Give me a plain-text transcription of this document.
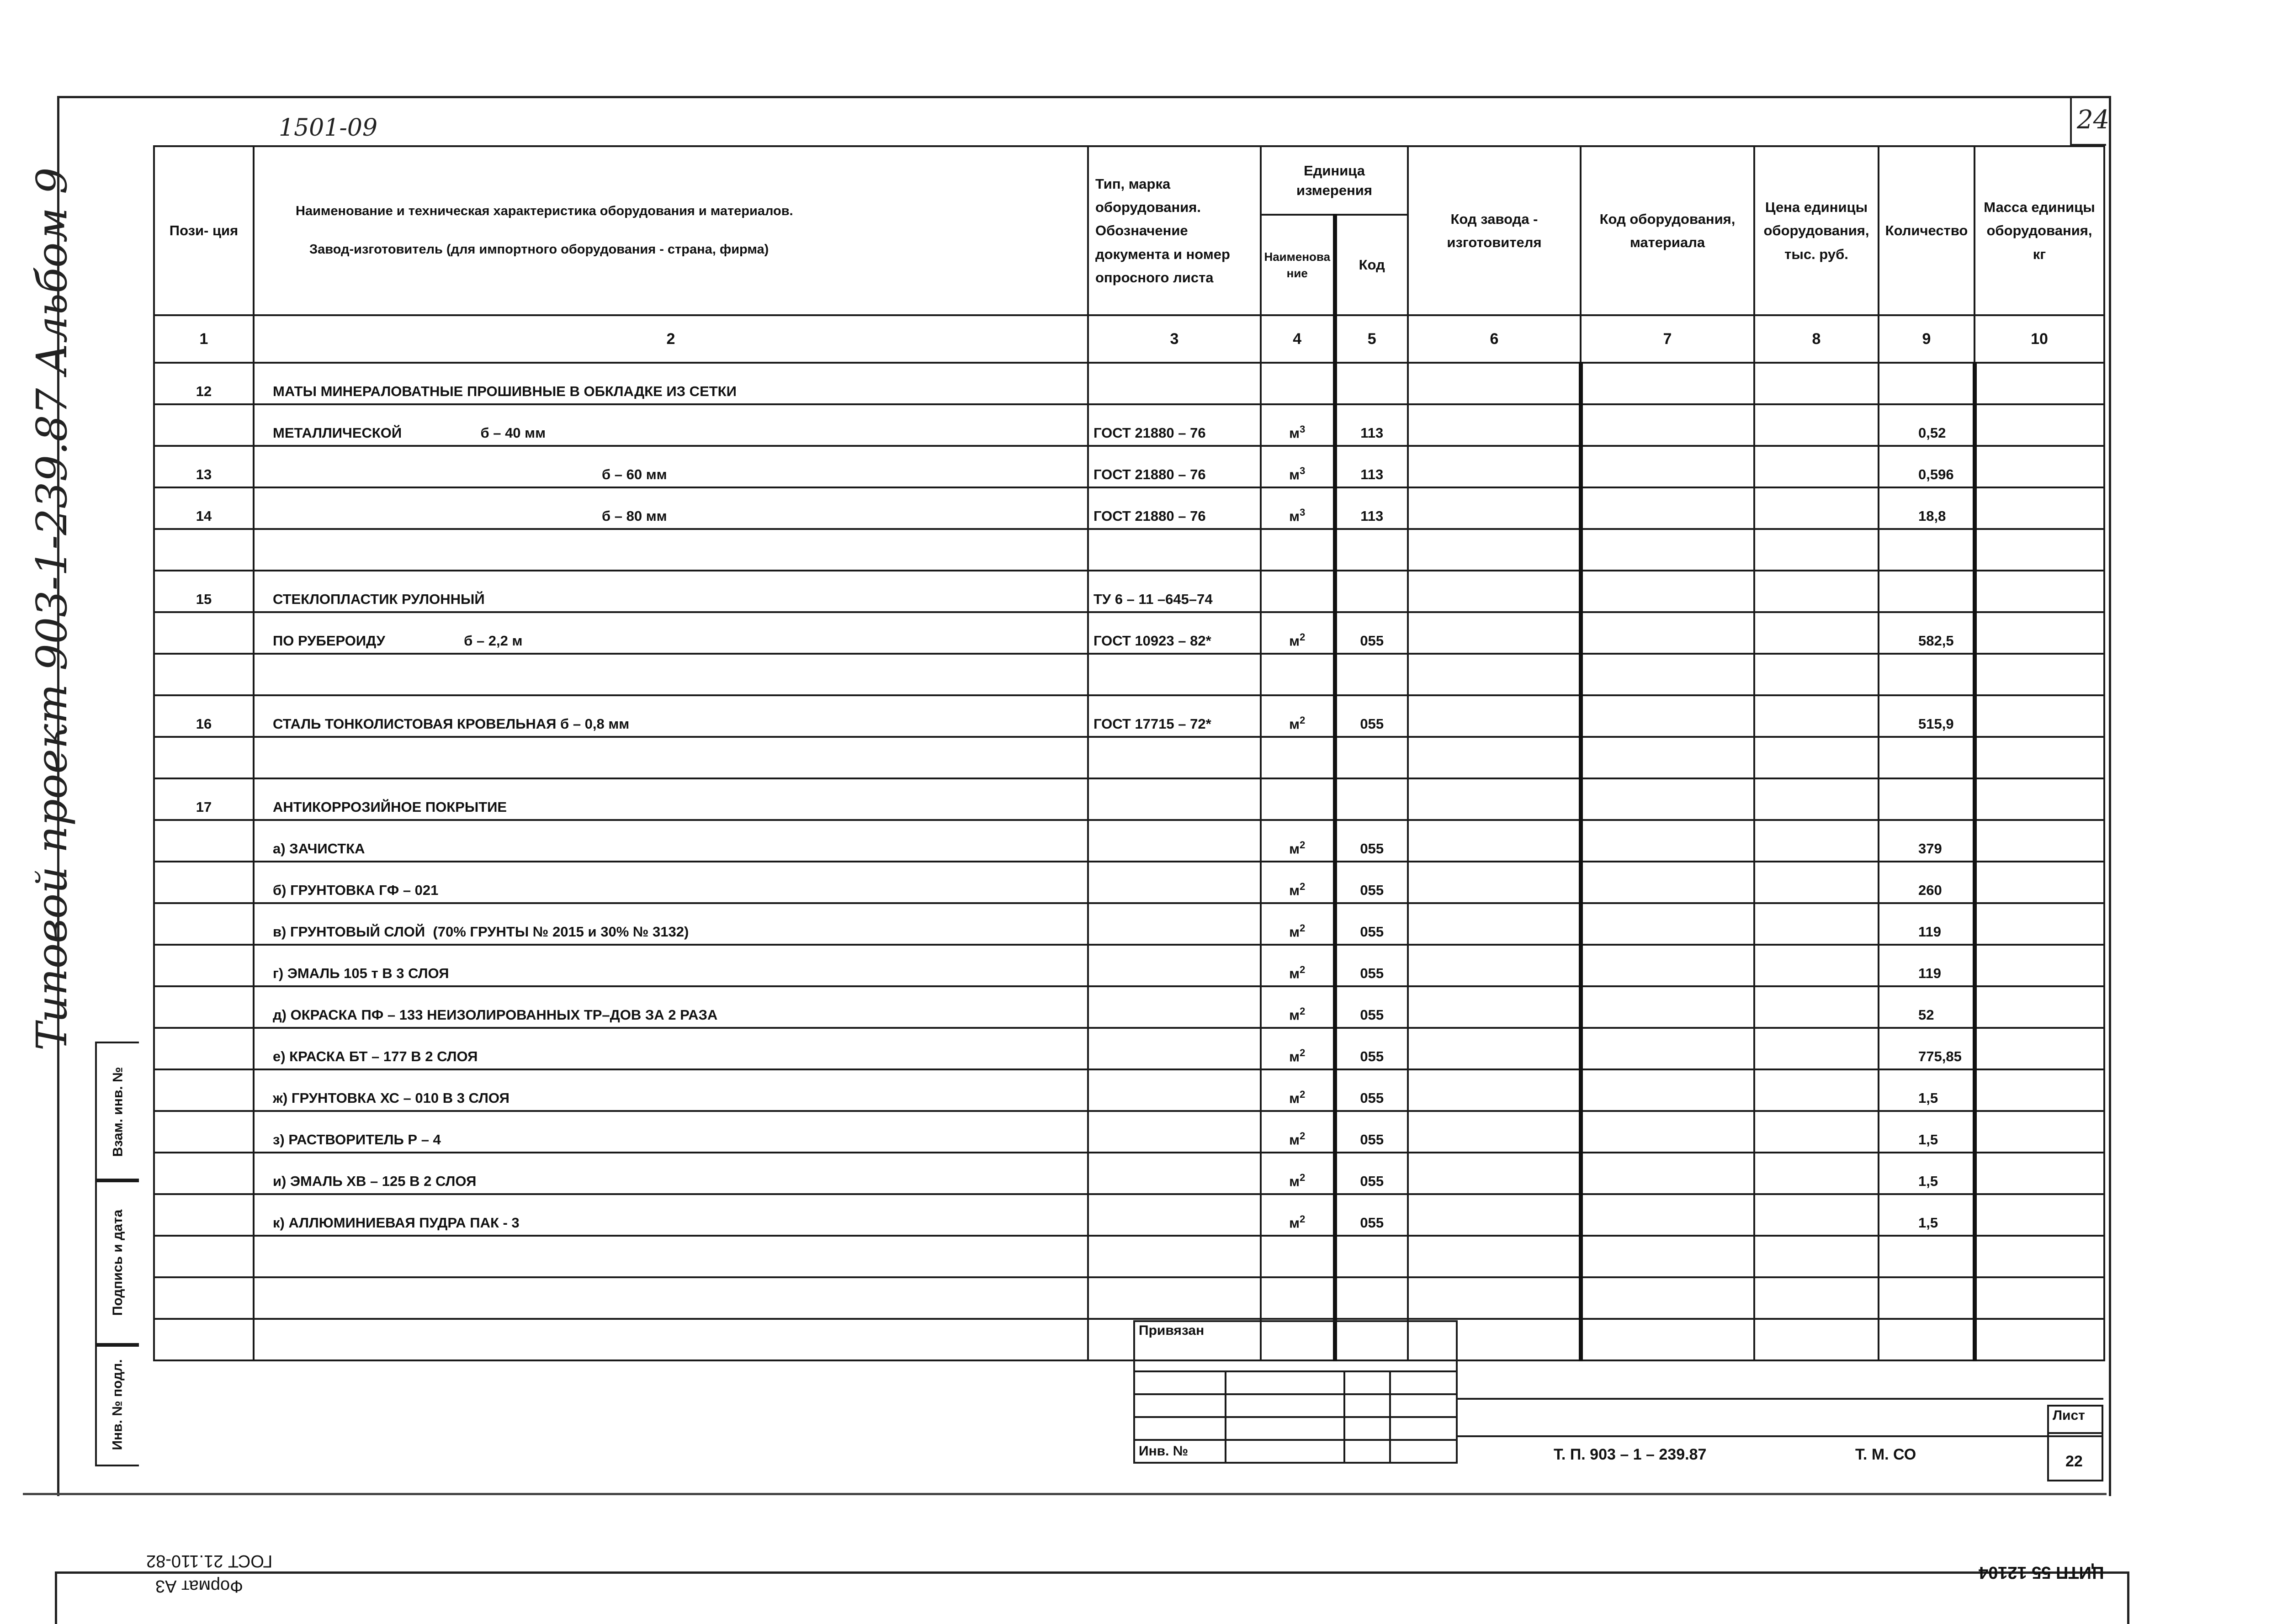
1501-09	24
Типовой проект 903-1-239.87 Альбом 9	Пози- ция	Наименование и техническая характеристика оборудования и материалов.
Завод-изготовитель (для импортного оборудования - страна, фирма)	Тип, марка оборудования. Обозначение документа и номер опросного листа	Единица измерения		Код завода - изготовителя	Код оборудования, материала	Цена единицы оборудования, тыс. руб.	Количество	Масса единицы оборудования, кг
			Наименование	Код					
1	2	3	4	5	6	7	8	9	10
12	МАТЫ МИНЕРАЛОВАТНЫЕ ПРОШИВНЫЕ В ОБКЛАДКЕ ИЗ СЕТКИ								
	МЕТАЛЛИЧЕСКОЙ                    б – 40 мм	ГОСТ 21880 – 76	$м^3$	113				0,52	
13	б – 60 мм	ГОСТ 21880 – 76	$м^3$	113				0,596	
14	б – 80 мм	ГОСТ 21880 – 76	$м^3$	113				18,8	

15	СТЕКЛОПЛАСТИК РУЛОННЫЙ	ТУ 6 – 11 –645–74							
	ПО РУБЕРОИДУ                    б – 2,2 м	ГОСТ 10923 – 82*	$м^2$	055				582,5	

16	СТАЛЬ ТОНКОЛИСТОВАЯ КРОВЕЛЬНАЯ б – 0,8 мм	ГОСТ 17715 – 72*	$м^2$	055				515,9	

17	АНТИКОРРОЗИЙНОЕ ПОКРЫТИЕ								
	а) ЗАЧИСТКА		$м^2$	055				379	
	б) ГРУНТОВКА ГФ – 021		$м^2$	055				260	
	в) ГРУНТОВЫЙ СЛОЙ  (70% ГРУНТЫ № 2015 и 30% № 3132)		$м^2$	055				119	
	г) ЭМАЛЬ 105 т В 3 СЛОЯ		$м^2$	055				119	
	д) ОКРАСКА ПФ – 133 НЕИЗОЛИРОВАННЫХ ТР–ДОВ ЗА 2 РАЗА		$м^2$	055				52	
	е) КРАСКА БТ – 177 В 2 СЛОЯ		$м^2$	055				775,85	
	ж) ГРУНТОВКА ХС – 010 В 3 СЛОЯ		$м^2$	055				1,5	
	з) РАСТВОРИТЕЛЬ Р – 4		$м^2$	055				1,5	
	и) ЭМАЛЬ ХВ – 125 В 2 СЛОЯ		$м^2$	055				1,5	
	к) АЛЛЮМИНИЕВАЯ ПУДРА ПАК - 3		$м^2$	055				1,5	

Взам. инв. №
Подпись и дата
Инв. № подл.
Привязан			

Инв. №				Т. П. 903 – 1 – 239.87	Т. М. СО
Лист
22
ГОСТ 21.110-82
Формат А3
ЦИТП 55 12104
